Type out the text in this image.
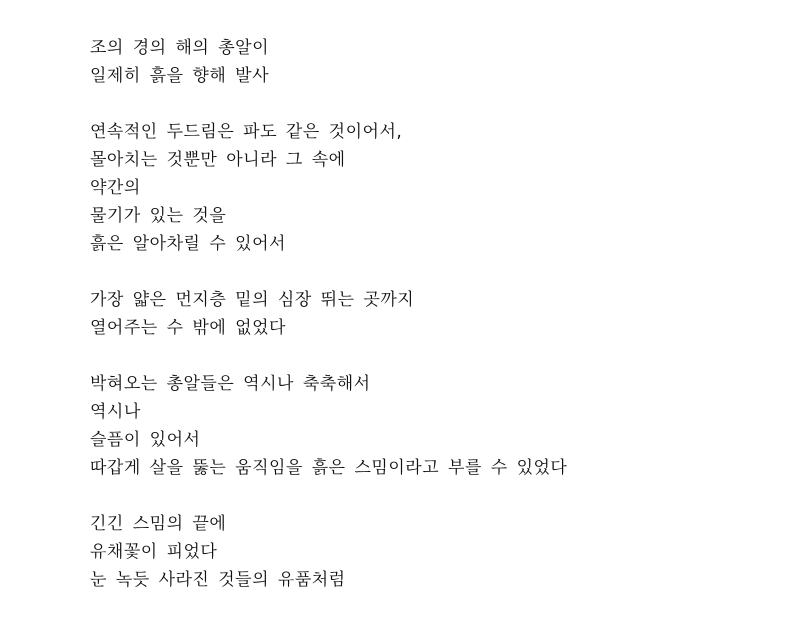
조의 경의 해의 총알이
일제히 흙을 향해 발사
연속적인 두드림은 파도 같은 것이어서,
몰아치는 것뿐만 아니라 그 속에
약간의
물기가 있는 것을
흙은 알아차릴 수 있어서
가장 얇은 먼지층 밑의 심장 뛰는 곳까지
열어주는 수 밖에 없었다
박혀오는 총알들은 역시나 축축해서
역시나
슬픔이 있어서
따갑게 살을 뚫는 움직임을 흙은 스밈이라고 부를 수 있었다
긴긴 스밈의 끝에
유채꽃이 피었다
눈 녹듯 사라진 것들의 유품처럼
